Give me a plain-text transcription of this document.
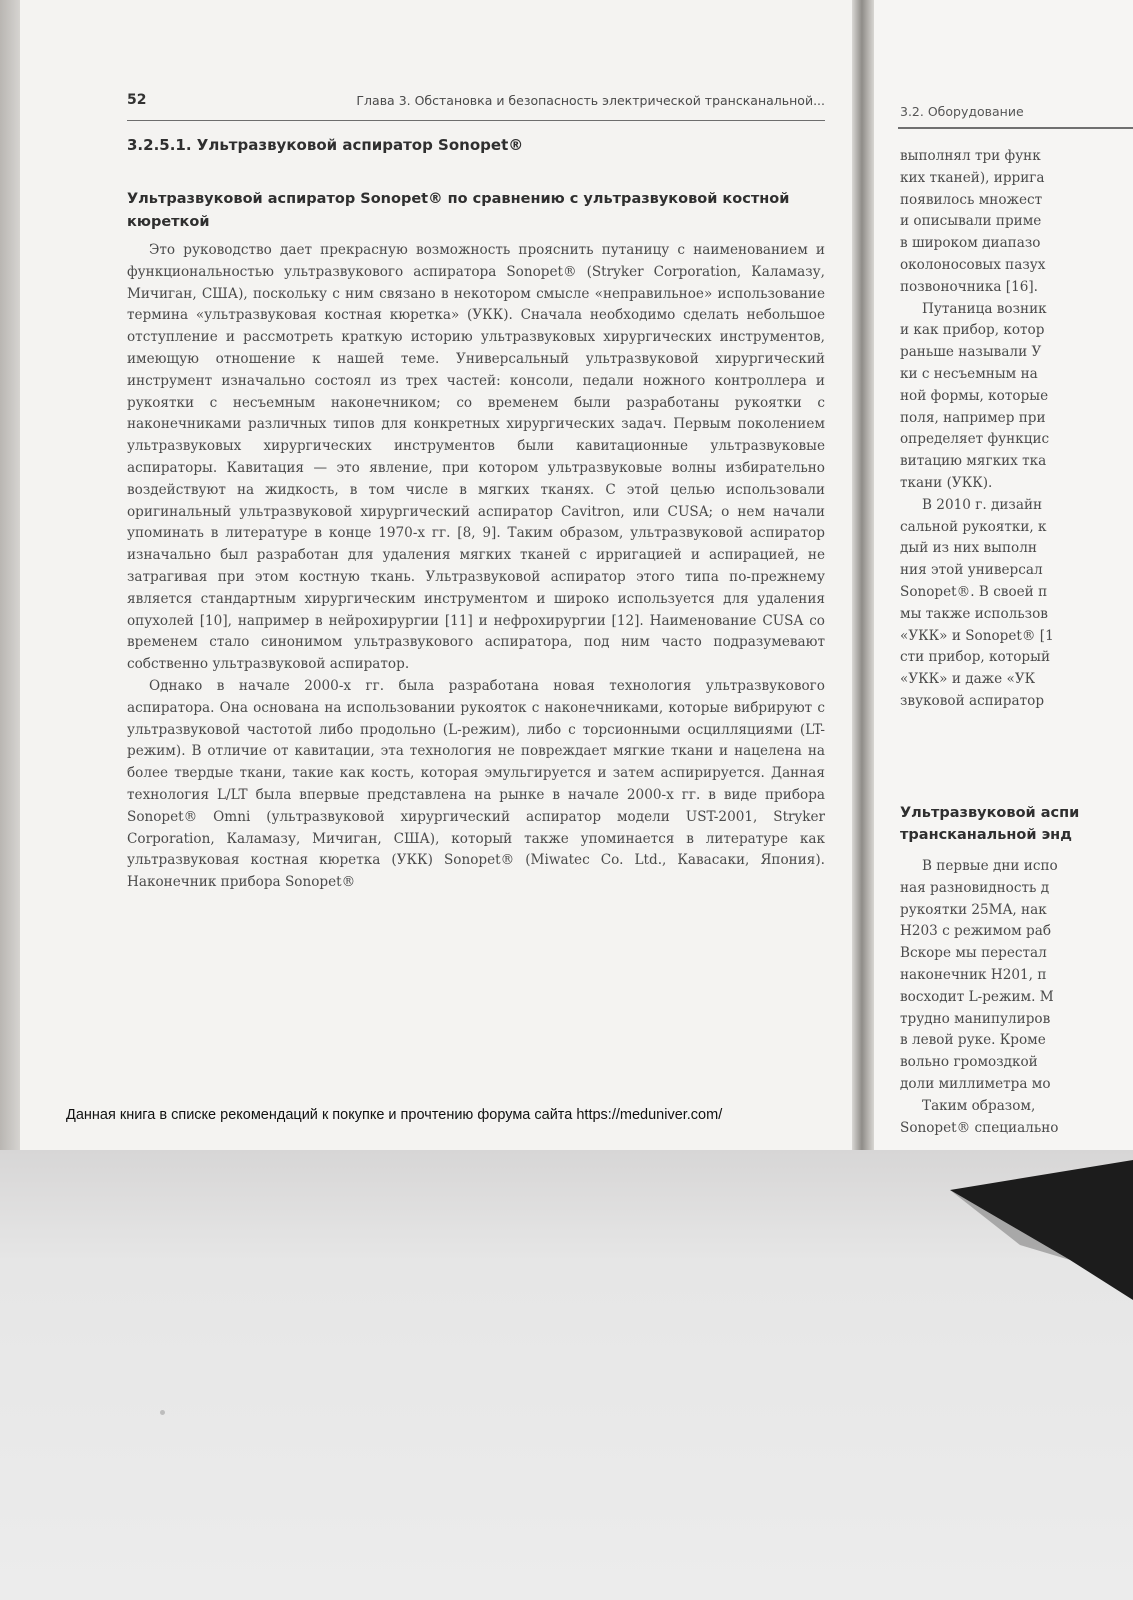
52	Глава 3. Обстановка и безопасность электрической трансканальной...
3.2.5.1. Ультразвуковой аспиратор Sonopet®
Ультразвуковой аспиратор Sonopet® по сравнению с ультразвуковой костной кюреткой

Это руководство дает прекрасную возможность прояснить путаницу с наименованием и функциональностью ультразвукового аспиратора Sonopet® (Stryker Corporation, Каламазу, Мичиган, США), поскольку с ним связано в некотором смысле «неправильное» использование термина «ультразвуковая костная кюретка» (УКК). Сначала необходимо сделать небольшое отступление и рассмотреть краткую историю ультразвуковых хирургических инструментов, имеющую отношение к нашей теме. Универсальный ультразвуковой хирургический инструмент изначально состоял из трех частей: консоли, педали ножного контроллера и рукоятки с несъемным наконечником; со временем были разработаны рукоятки с наконечниками различных типов для конкретных хирургических задач. Первым поколением ультразвуковых хирургических инструментов были кавитационные ультразвуковые аспираторы. Кавитация — это явление, при котором ультразвуковые волны избирательно воздействуют на жидкость, в том числе в мягких тканях. С этой целью использовали оригинальный ультразвуковой хирургический аспиратор Cavitron, или CUSA; о нем начали упоминать в литературе в конце 1970-х гг. [8, 9]. Таким образом, ультразвуковой аспиратор изначально был разработан для удаления мягких тканей с ирригацией и аспирацией, не затрагивая при этом костную ткань. Ультразвуковой аспиратор этого типа по-прежнему является стандартным хирургическим инструментом и широко используется для удаления опухолей [10], например в нейрохирургии [11] и нефрохирургии [12]. Наименование CUSA со временем стало синонимом ультразвукового аспиратора, под ним часто подразумевают собственно ультразвуковой аспиратор.

Однако в начале 2000-х гг. была разработана новая технология ультразвукового аспиратора. Она основана на использовании рукояток с наконечниками, которые вибрируют с ультразвуковой частотой либо продольно (L-режим), либо с торсионными осцилляциями (LT-режим). В отличие от кавитации, эта технология не повреждает мягкие ткани и нацелена на более твердые ткани, такие как кость, которая эмульгируется и затем аспирируется. Данная технология L/LT была впервые представлена на рынке в начале 2000-х гг. в виде прибора Sonopet® Omni (ультразвуковой хирургический аспиратор модели UST-2001, Stryker Corporation, Каламазу, Мичиган, США), который также упоминается в литературе как ультразвуковая костная кюретка (УКК) Sonopet® (Miwatec Co. Ltd., Кавасаки, Япония). Наконечник прибора Sonopet®

3.2. Оборудование
выполнял три функ
ких тканей), ирригa
появилось множест
и описывали приме
в широком диапазо
околоносовых пазух
позвоночника [16].
Путаница возник
и как прибор, котор
раньше называли У
ки с несъемным на
ной формы, которые
поля, например при
определяет функцис
витацию мягких тка
ткани (УКК).
В 2010 г. дизайн
сальной рукоятки, к
дый из них выполн
ния этой универсал
Sonopet®. В своей п
мы также использов
«УКК» и Sonopet® [1
сти прибор, который
«УКК» и даже «УК
звуковой аспиратор
Ультразвуковой аспи
трансканальной энд
В первые дни испо
ная разновидность д
рукоятки 25MA, нак
H203 с режимом раб
Вскоре мы перестал
наконечник H201, п
восходит L-режим. М
трудно манипулиров
в левой руке. Кроме
вольно громоздкой
доли миллиметра мо
Таким образом,
Sonopet® специально
Данная книга в списке рекомендаций к покупке и прочтению форума сайта https://meduniver.com/
